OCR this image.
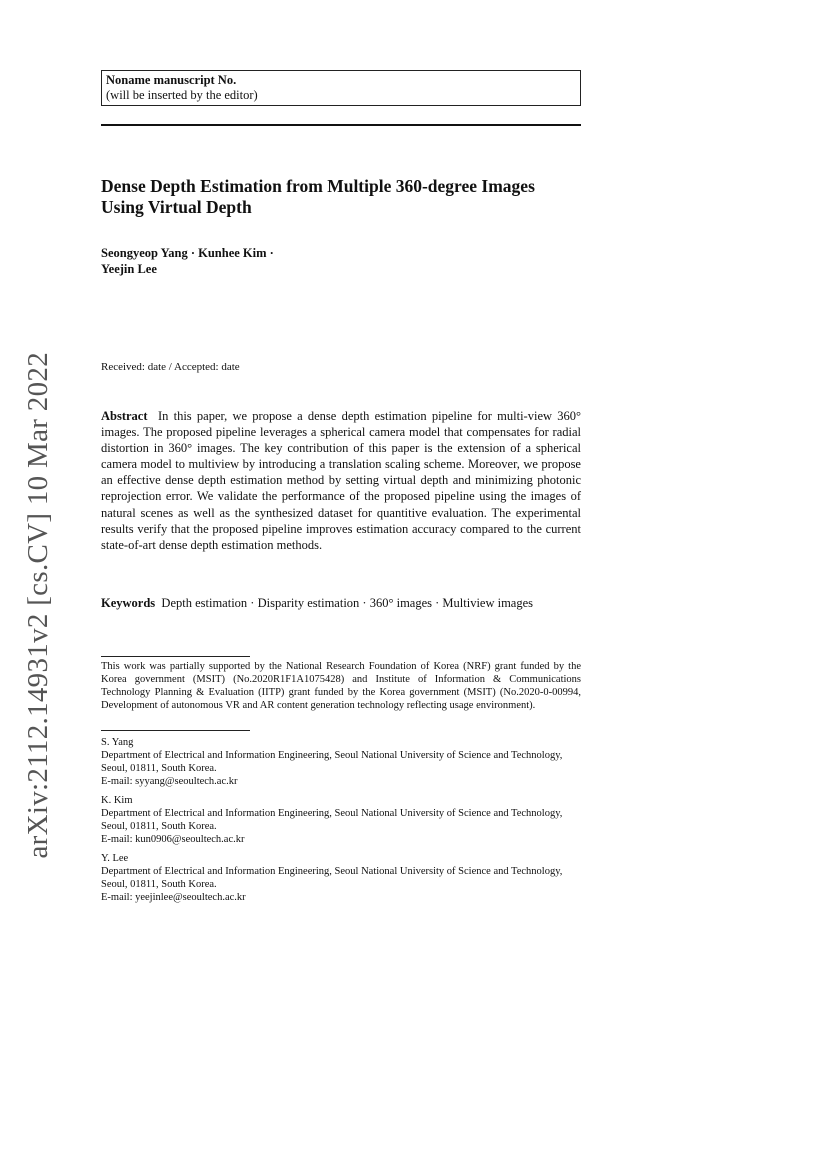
arXiv:2112.14931v2 [cs.CV] 10 Mar 2022
Noname manuscript No.
(will be inserted by the editor)
Dense Depth Estimation from Multiple 360-degree Images Using Virtual Depth
Seongyeop Yang · Kunhee Kim ·
Yeejin Lee
Received: date / Accepted: date
Abstract In this paper, we propose a dense depth estimation pipeline for multi-view 360° images. The proposed pipeline leverages a spherical camera model that compensates for radial distortion in 360° images. The key contribution of this paper is the extension of a spherical camera model to multiview by introducing a translation scaling scheme. Moreover, we propose an effective dense depth estimation method by setting virtual depth and minimizing photonic reprojection error. We validate the performance of the proposed pipeline using the images of natural scenes as well as the synthesized dataset for quantitive evaluation. The experimental results verify that the proposed pipeline improves estimation accuracy compared to the current state-of-art dense depth estimation methods.
Keywords Depth estimation · Disparity estimation · 360° images · Multiview images
This work was partially supported by the National Research Foundation of Korea (NRF) grant funded by the Korea government (MSIT) (No.2020R1F1A1075428) and Institute of Information & Communications Technology Planning & Evaluation (IITP) grant funded by the Korea government (MSIT) (No.2020-0-00994, Development of autonomous VR and AR content generation technology reflecting usage environment).
S. Yang
Department of Electrical and Information Engineering, Seoul National University of Science and Technology, Seoul, 01811, South Korea.
E-mail: syyang@seoultech.ac.kr
K. Kim
Department of Electrical and Information Engineering, Seoul National University of Science and Technology, Seoul, 01811, South Korea.
E-mail: kun0906@seoultech.ac.kr
Y. Lee
Department of Electrical and Information Engineering, Seoul National University of Science and Technology, Seoul, 01811, South Korea.
E-mail: yeejinlee@seoultech.ac.kr
